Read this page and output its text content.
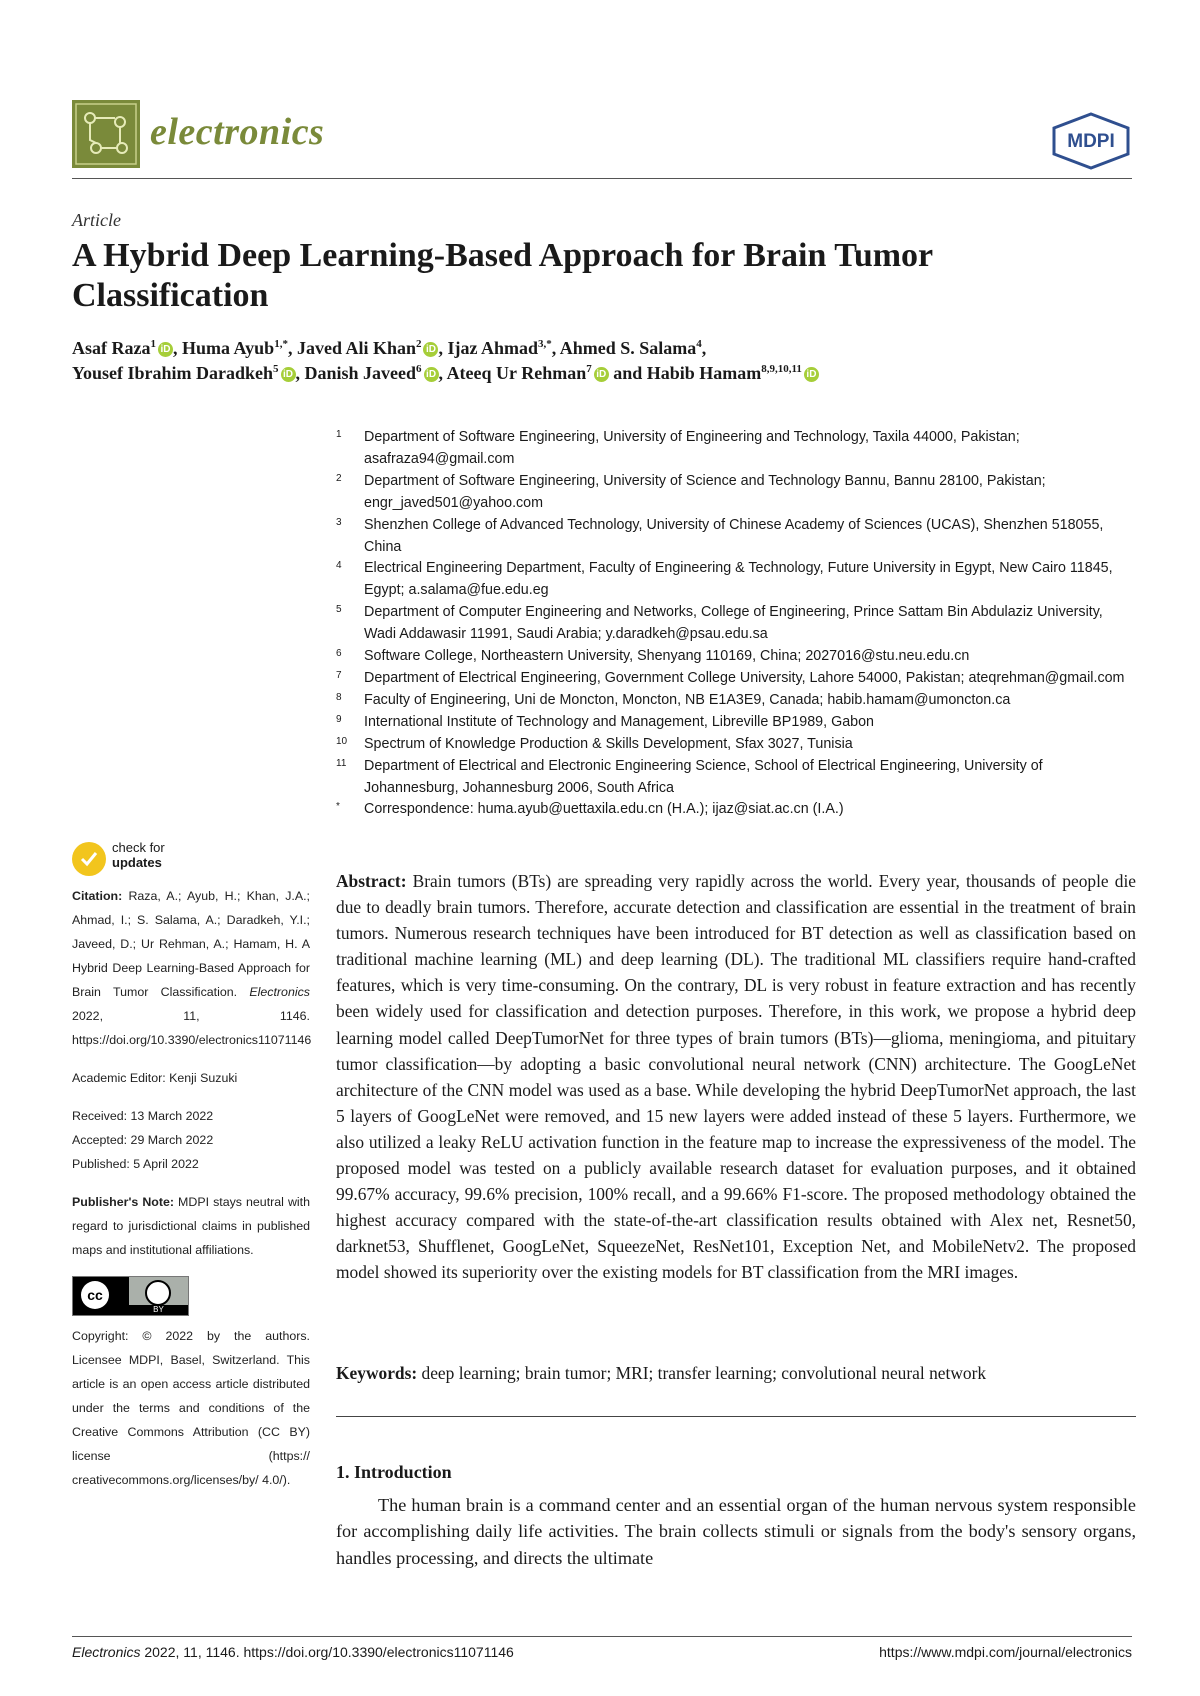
electronics	MDPI
Article
A Hybrid Deep Learning-Based Approach for Brain Tumor Classification
Asaf Raza$^1$ iD , Huma Ayub$^{1,*}$, Javed Ali Khan$^2$ iD , Ijaz Ahmad$^{3,*}$, Ahmed S. Salama$^4$,
Yousef Ibrahim Daradkeh$^5$ iD , Danish Javeed$^6$ iD , Ateeq Ur Rehman$^7$ iD and Habib Hamam$^{8,9,10,11}$ iD
1 Department of Software Engineering, University of Engineering and Technology, Taxila 44000, Pakistan; asafraza94@gmail.com
2 Department of Software Engineering, University of Science and Technology Bannu, Bannu 28100, Pakistan; engr_javed501@yahoo.com
3 Shenzhen College of Advanced Technology, University of Chinese Academy of Sciences (UCAS), Shenzhen 518055, China
4 Electrical Engineering Department, Faculty of Engineering & Technology, Future University in Egypt, New Cairo 11845, Egypt; a.salama@fue.edu.eg
5 Department of Computer Engineering and Networks, College of Engineering, Prince Sattam Bin Abdulaziz University, Wadi Addawasir 11991, Saudi Arabia; y.daradkeh@psau.edu.sa
6 Software College, Northeastern University, Shenyang 110169, China; 2027016@stu.neu.edu.cn
7 Department of Electrical Engineering, Government College University, Lahore 54000, Pakistan; ateqrehman@gmail.com
8 Faculty of Engineering, Uni de Moncton, Moncton, NB E1A3E9, Canada; habib.hamam@umoncton.ca
9 International Institute of Technology and Management, Libreville BP1989, Gabon
10 Spectrum of Knowledge Production & Skills Development, Sfax 3027, Tunisia
11 Department of Electrical and Electronic Engineering Science, School of Electrical Engineering, University of Johannesburg, Johannesburg 2006, South Africa
* Correspondence: huma.ayub@uettaxila.edu.cn (H.A.); ijaz@siat.ac.cn (I.A.)
check for
updates

Citation: Raza, A.; Ayub, H.; Khan, J.A.; Ahmad, I.; S. Salama, A.; Daradkeh, Y.I.; Javeed, D.; Ur Rehman, A.; Hamam, H. A Hybrid Deep Learning-Based Approach for Brain Tumor Classification. Electronics 2022, 11, 1146. https://doi.org/10.3390/electronics11071146

Academic Editor: Kenji Suzuki

Received: 13 March 2022

Accepted: 29 March 2022

Published: 5 April 2022

Publisher's Note: MDPI stays neutral with regard to jurisdictional claims in published maps and institutional affiliations.

cc
BY

Copyright: © 2022 by the authors. Licensee MDPI, Basel, Switzerland. This article is an open access article distributed under the terms and conditions of the Creative Commons Attribution (CC BY) license (https:// creativecommons.org/licenses/by/ 4.0/).

Abstract: Brain tumors (BTs) are spreading very rapidly across the world. Every year, thousands of people die due to deadly brain tumors. Therefore, accurate detection and classification are essential in the treatment of brain tumors. Numerous research techniques have been introduced for BT detection as well as classification based on traditional machine learning (ML) and deep learning (DL). The traditional ML classifiers require hand-crafted features, which is very time-consuming. On the contrary, DL is very robust in feature extraction and has recently been widely used for classification and detection purposes. Therefore, in this work, we propose a hybrid deep learning model called DeepTumorNet for three types of brain tumors (BTs)—glioma, meningioma, and pituitary tumor classification—by adopting a basic convolutional neural network (CNN) architecture. The GoogLeNet architecture of the CNN model was used as a base. While developing the hybrid DeepTumorNet approach, the last 5 layers of GoogLeNet were removed, and 15 new layers were added instead of these 5 layers. Furthermore, we also utilized a leaky ReLU activation function in the feature map to increase the expressiveness of the model. The proposed model was tested on a publicly available research dataset for evaluation purposes, and it obtained 99.67% accuracy, 99.6% precision, 100% recall, and a 99.66% F1-score. The proposed methodology obtained the highest accuracy compared with the state-of-the-art classification results obtained with Alex net, Resnet50, darknet53, Shufflenet, GoogLeNet, SqueezeNet, ResNet101, Exception Net, and MobileNetv2. The proposed model showed its superiority over the existing models for BT classification from the MRI images.
Keywords: deep learning; brain tumor; MRI; transfer learning; convolutional neural network
1. Introduction
The human brain is a command center and an essential organ of the human nervous system responsible for accomplishing daily life activities. The brain collects stimuli or signals from the body's sensory organs, handles processing, and directs the ultimate
Electronics 2022, 11, 1146. https://doi.org/10.3390/electronics11071146	https://www.mdpi.com/journal/electronics
